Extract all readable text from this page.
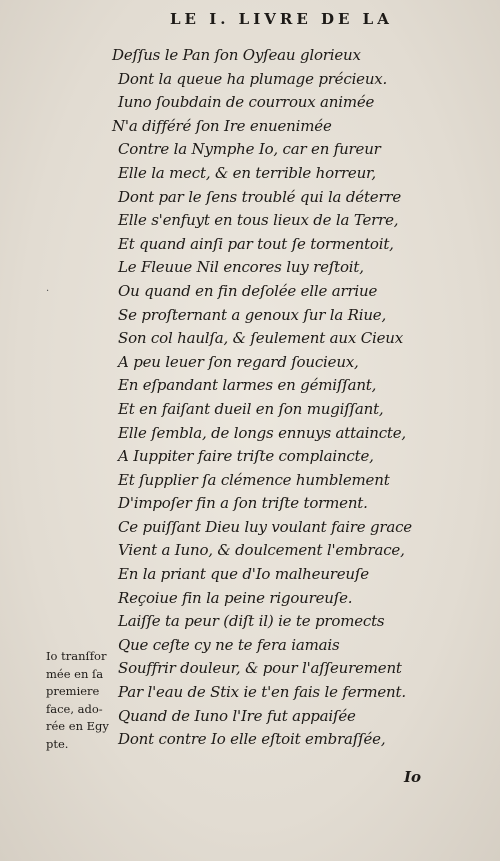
LE I. LIVRE DE LA
·
Deſſus le Pan ſon Oyſeau glorieux
Dont la queue ha plumage précieux.
Iuno ſoubdain de courroux animée
N'a différé ſon Ire enuenimée
Contre la Nymphe Io, car en fureur
Elle la mect, & en terrible horreur,
Dont par le ſens troublé qui la déterre
Elle s'enfuyt en tous lieux de la Terre,
Et quand ainſi par tout ſe tormentoit,
Le Fleuue Nil encores luy reſtoit,
Ou quand en fin deſolée elle arriue
Se proſternant a genoux ſur la Riue,
Son col haulſa, & ſeulement aux Cieux
A peu leuer ſon regard ſoucieux,
En eſpandant larmes en gémiſſant,
Et en faiſant dueil en ſon mugiſſant,
Elle ſembla, de longs ennuys attaincte,
A Iuppiter faire triſte complaincte,
Et ſupplier ſa clémence humblement
D'impoſer fin a ſon triſte torment.
Ce puiſſant Dieu luy voulant faire grace
Vient a Iuno, & doulcement l'embrace,
En la priant que d'Io malheureuſe
Reçoiue fin la peine rigoureuſe.
Laiſſe ta peur (diſt il) ie te promects
Que ceſte cy ne te fera iamais
Souffrir douleur, & pour l'aſſeurement
Par l'eau de Stix ie t'en fais le ferment.
Quand de Iuno l'Ire fut appaiſée
Dont contre Io elle eſtoit embraſſée,
Io tranſfor
mée en ſa
premiere
face, ado-
rée en Egy
pte.
Io
